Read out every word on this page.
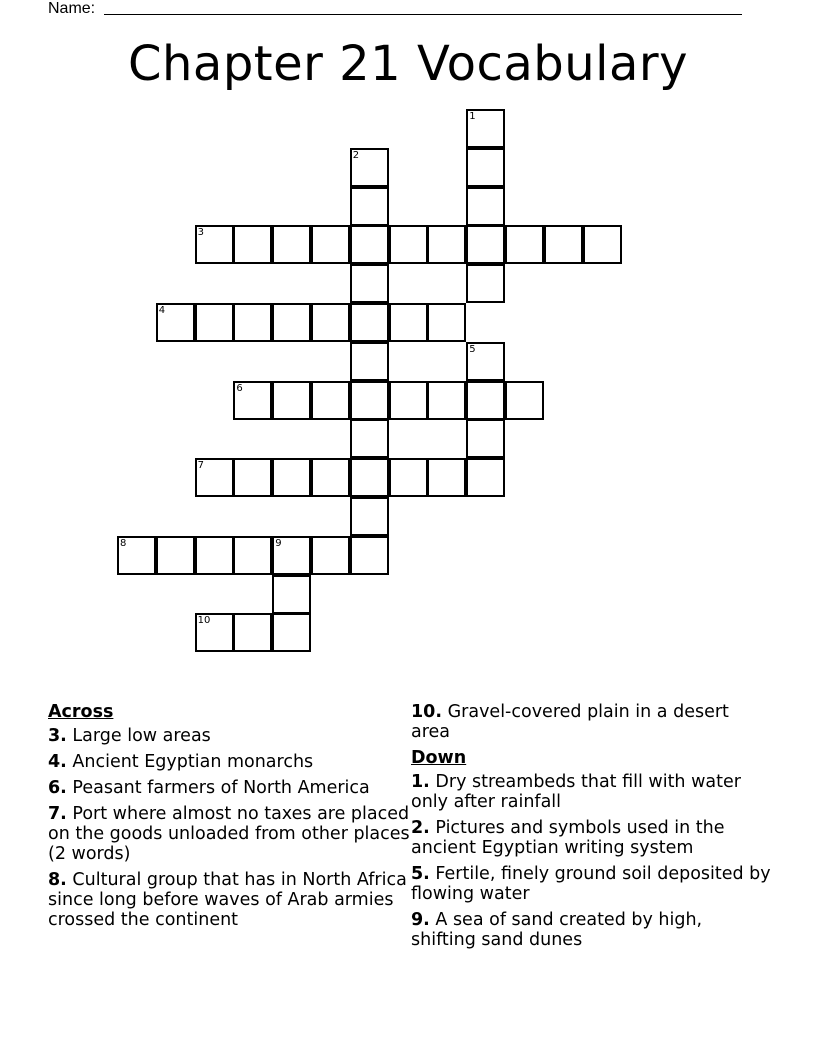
Name:
Chapter 21 Vocabulary
1
2
3
4
5
6
7
8	9
10
Across
3. Large low areas
4. Ancient Egyptian monarchs
6. Peasant farmers of North America
7. Port where almost no taxes are placed on the goods unloaded from other places (2 words)
8. Cultural group that has in North Africa since long before waves of Arab armies crossed the continent
10. Gravel-covered plain in a desert area
Down
1. Dry streambeds that fill with water only after rainfall
2. Pictures and symbols used in the ancient Egyptian writing system
5. Fertile, finely ground soil deposited by flowing water
9. A sea of sand created by high, shifting sand dunes
